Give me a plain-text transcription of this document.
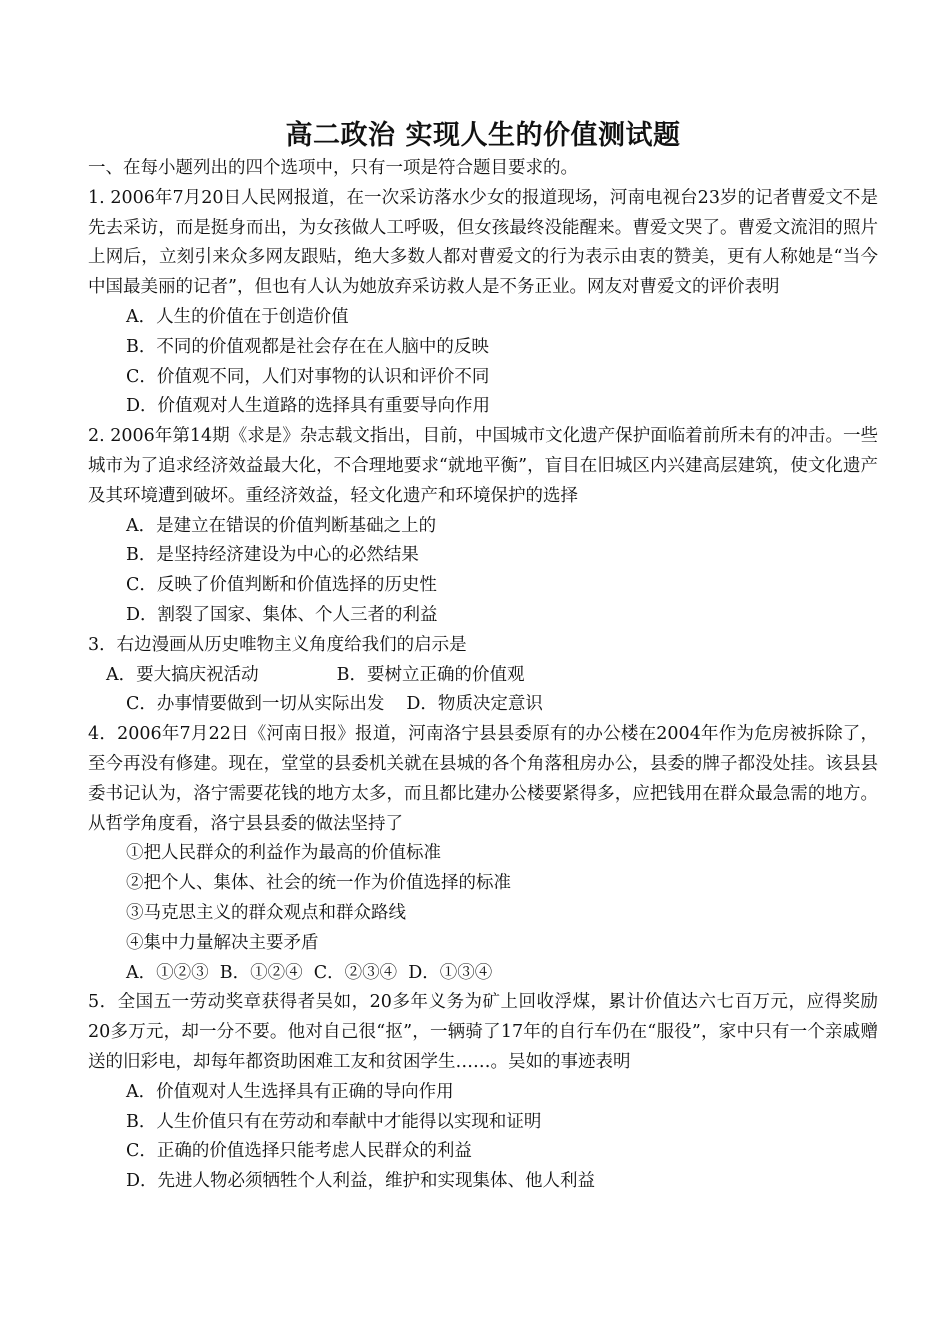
高二政治 实现人生的价值测试题
一、在每小题列出的四个选项中，只有一项是符合题目要求的。
1. 2006年7月20日人民网报道，在一次采访落水少女的报道现场，河南电视台23岁的记者曹爱文不是先去采访，而是挺身而出，为女孩做人工呼吸，但女孩最终没能醒来。曹爱文哭了。曹爱文流泪的照片上网后，立刻引来众多网友跟贴，绝大多数人都对曹爱文的行为表示由衷的赞美，更有人称她是“当今中国最美丽的记者”，但也有人认为她放弃采访救人是不务正业。网友对曹爱文的评价表明
A．人生的价值在于创造价值
B．不同的价值观都是社会存在在人脑中的反映
C．价值观不同，人们对事物的认识和评价不同
D．价值观对人生道路的选择具有重要导向作用
2. 2006年第14期《求是》杂志载文指出，目前，中国城市文化遗产保护面临着前所未有的冲击。一些城市为了追求经济效益最大化，不合理地要求“就地平衡”，盲目在旧城区内兴建高层建筑，使文化遗产及其环境遭到破坏。重经济效益，轻文化遗产和环境保护的选择
A．是建立在错误的价值判断基础之上的
B．是坚持经济建设为中心的必然结果
C．反映了价值判断和价值选择的历史性
D．割裂了国家、集体、个人三者的利益
3．右边漫画从历史唯物主义角度给我们的启示是
A．要大搞庆祝活动	B．要树立正确的价值观
C．办事情要做到一切从实际出发 D．物质决定意识
4．2006年7月22日《河南日报》报道，河南洛宁县县委原有的办公楼在2004年作为危房被拆除了，至今再没有修建。现在，堂堂的县委机关就在县城的各个角落租房办公，县委的牌子都没处挂。该县县委书记认为，洛宁需要花钱的地方太多，而且都比建办公楼要紧得多，应把钱用在群众最急需的地方。从哲学角度看，洛宁县县委的做法坚持了
①把人民群众的利益作为最高的价值标准
②把个人、集体、社会的统一作为价值选择的标准
③马克思主义的群众观点和群众路线
④集中力量解决主要矛盾
A．①②③  B．①②④  C．②③④  D．①③④
5．全国五一劳动奖章获得者吴如，20多年义务为矿上回收浮煤，累计价值达六七百万元，应得奖励20多万元，却一分不要。他对自己很“抠”，一辆骑了17年的自行车仍在“服役”，家中只有一个亲戚赠送的旧彩电，却每年都资助困难工友和贫困学生……。吴如的事迹表明
A．价值观对人生选择具有正确的导向作用
B．人生价值只有在劳动和奉献中才能得以实现和证明
C．正确的价值选择只能考虑人民群众的利益
D．先进人物必须牺牲个人利益，维护和实现集体、他人利益
